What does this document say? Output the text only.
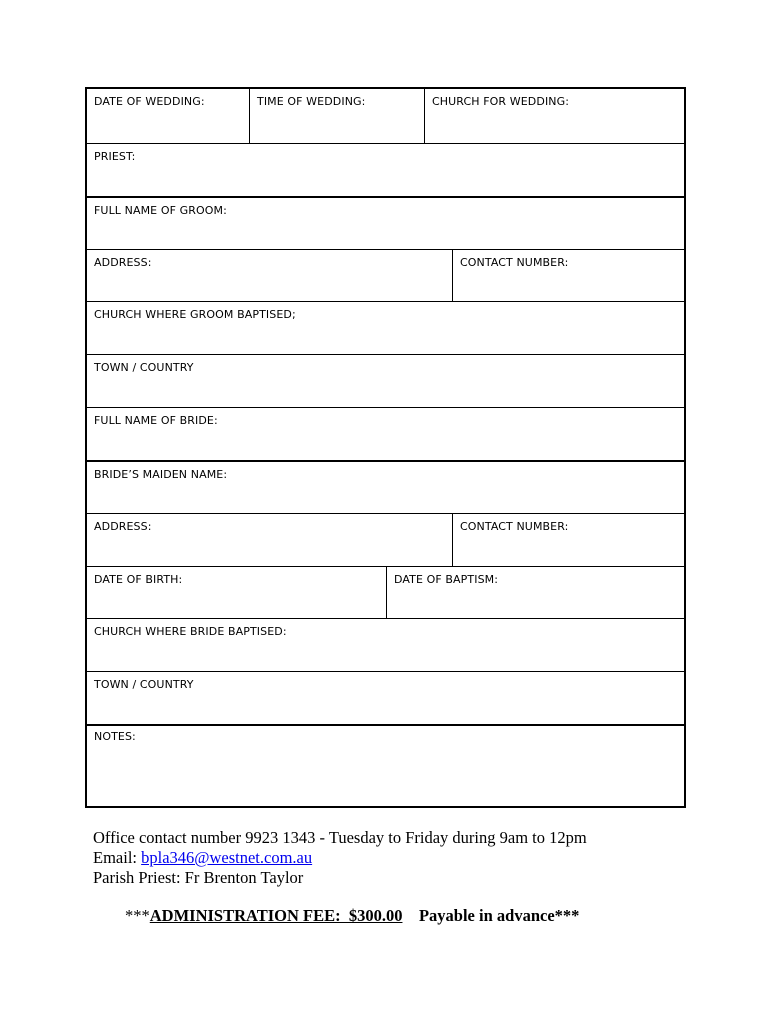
DATE OF WEDDING:	TIME OF WEDDING:	CHURCH FOR WEDDING:
PRIEST:
FULL NAME OF GROOM:
ADDRESS:	CONTACT NUMBER:
CHURCH WHERE GROOM BAPTISED;
TOWN / COUNTRY
FULL NAME OF BRIDE:
BRIDE’S MAIDEN NAME:
ADDRESS:	CONTACT NUMBER:
DATE OF BIRTH:	DATE OF BAPTISM:
CHURCH WHERE BRIDE BAPTISED:
TOWN / COUNTRY
NOTES:
Office contact number 9923 1343 - Tuesday to Friday during 9am to 12pm
Email: bpla346@westnet.com.au
Parish Priest: Fr Brenton Taylor
***ADMINISTRATION FEE:  $300.00    Payable in advance***
